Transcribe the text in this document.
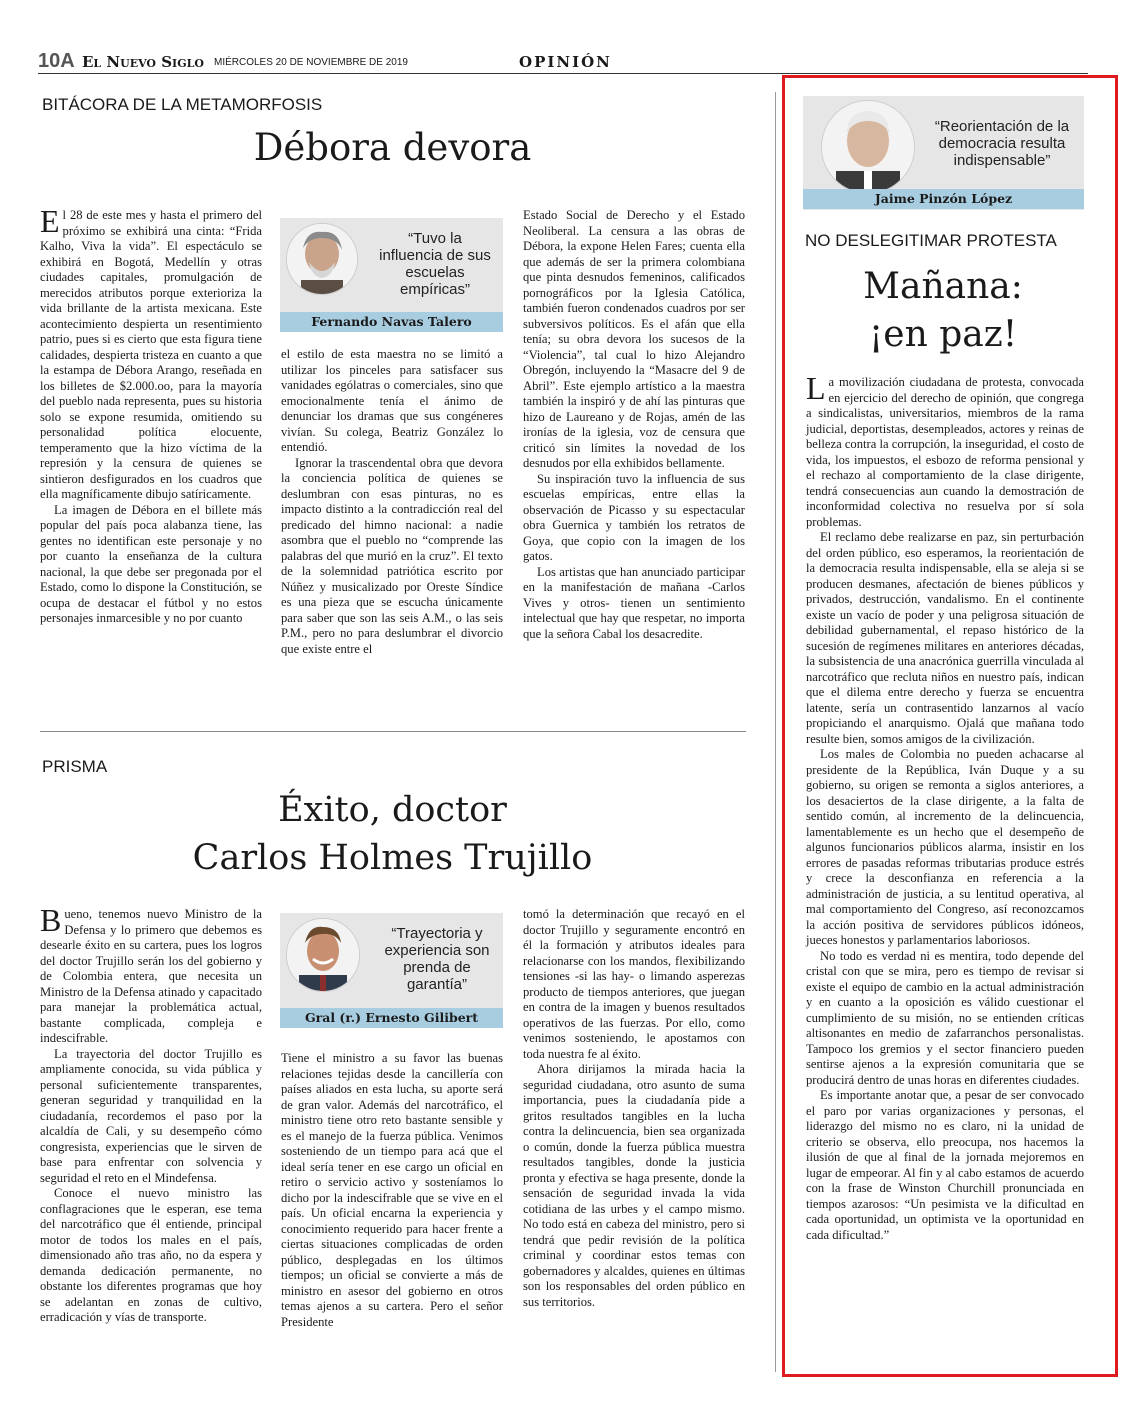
10A El Nuevo Siglo MIÉRCOLES 20 DE NOVIEMBRE DE 2019	OPINIÓN
BITÁCORA DE LA METAMORFOSIS
Débora devora
E l 28 de este mes y hasta el primero del próximo se exhibirá una cinta: “Frida Kalho, Viva la vida”. El espectáculo se exhibirá en Bogotá, Medellín y otras ciudades capitales, promulgación de merecidos atributos porque exterioriza la vida brillante de la artista mexicana. Este acontecimiento despierta un resentimiento patrio, pues si es cierto que esta figura tiene calidades, despierta tristeza en cuanto a que la estampa de Débora Arango, reseñada en los billetes de $2.000.oo, para la mayoría del pueblo nada representa, pues su historia solo se expone resumida, omitiendo su personalidad política elocuente, temperamento que la hizo víctima de la represión y la censura de quienes se sintieron desfigurados en los cuadros que ella magníficamente dibujo satíricamente.

La imagen de Débora en el billete más popular del país poca alabanza tiene, las gentes no identifican este personaje y no por cuanto la enseñanza de la cultura nacional, la que debe ser pregonada por el Estado, como lo dispone la Constitución, se ocupa de destacar el fútbol y no estos personajes inmarcesible y no por cuanto

“Tuvo la influencia de sus escuelas empíricas”
Fernando Navas Talero

el estilo de esta maestra no se limitó a utilizar los pinceles para satisfacer sus vanidades ególatras o comerciales, sino que emocionalmente tenía el ánimo de denunciar los dramas que sus congéneres vivían. Su colega, Beatriz González lo entendió.

Ignorar la trascendental obra que devora la conciencia política de quienes se deslumbran con esas pinturas, no es impacto distinto a la contradicción real del predicado del himno nacional: a nadie asombra que el pueblo no “comprende las palabras del que murió en la cruz”. El texto de la solemnidad patriótica escrito por Núñez y musicalizado por Oreste Síndice es una pieza que se escucha únicamente para saber que son las seis A.M., o las seis P.M., pero no para deslumbrar el divorcio que existe entre el

Estado Social de Derecho y el Estado Neoliberal. La censura a las obras de Débora, la expone Helen Fares; cuenta ella que además de ser la primera colombiana que pinta desnudos femeninos, calificados pornográficos por la Iglesia Católica, también fueron condenados cuadros por ser subversivos políticos. Es el afán que ella tenía; su obra devora los sucesos de la “Violencia”, tal cual lo hizo Alejandro Obregón, incluyendo la “Masacre del 9 de Abril”. Este ejemplo artístico a la maestra también la inspiró y de ahí las pinturas que hizo de Laureano y de Rojas, amén de las ironías de la iglesia, voz de censura que criticó sin límites la novedad de los desnudos por ella exhibidos bellamente.

Su inspiración tuvo la influencia de sus escuelas empíricas, entre ellas la observación de Picasso y su espectacular obra Guernica y también los retratos de Goya, que copio con la imagen de los gatos.

Los artistas que han anunciado participar en la manifestación de mañana -Carlos Vives y otros- tienen un sentimiento intelectual que hay que respetar, no importa que la señora Cabal los desacredite.

PRISMA
Éxito, doctor
Carlos Holmes Trujillo
B ueno, tenemos nuevo Ministro de la Defensa y lo primero que debemos es desearle éxito en su cartera, pues los logros del doctor Trujillo serán los del gobierno y de Colombia entera, que necesita un Ministro de la Defensa atinado y capacitado para manejar la problemática actual, bastante complicada, compleja e indescifrable.

La trayectoria del doctor Trujillo es ampliamente conocida, su vida pública y personal suficientemente transparentes, generan seguridad y tranquilidad en la ciudadanía, recordemos el paso por la alcaldía de Cali, y su desempeño cómo congresista, experiencias que le sirven de base para enfrentar con solvencia y seguridad el reto en el Mindefensa.

Conoce el nuevo ministro las conflagraciones que le esperan, ese tema del narcotráfico que él entiende, principal motor de todos los males en el país, dimensionado año tras año, no da espera y demanda dedicación permanente, no obstante los diferentes programas que hoy se adelantan en zonas de cultivo, erradicación y vías de transporte.

“Trayectoria y experiencia son prenda de garantía”
Gral (r.) Ernesto Gilibert

Tiene el ministro a su favor las buenas relaciones tejidas desde la cancillería con países aliados en esta lucha, su aporte será de gran valor. Además del narcotráfico, el ministro tiene otro reto bastante sensible y es el manejo de la fuerza pública. Venimos sosteniendo de un tiempo para acá que el ideal sería tener en ese cargo un oficial en retiro o servicio activo y sosteníamos lo dicho por la indescifrable que se vive en el país. Un oficial encarna la experiencia y conocimiento requerido para hacer frente a ciertas situaciones complicadas de orden público, desplegadas en los últimos tiempos; un oficial se convierte a más de ministro en asesor del gobierno en otros temas ajenos a su cartera. Pero el señor Presidente

tomó la determinación que recayó en el doctor Trujillo y seguramente encontró en él la formación y atributos ideales para relacionarse con los mandos, flexibilizando tensiones -si las hay- o limando asperezas producto de tiempos anteriores, que juegan en contra de la imagen y buenos resultados operativos de las fuerzas. Por ello, como venimos sosteniendo, le apostamos con toda nuestra fe al éxito.

Ahora dirijamos la mirada hacia la seguridad ciudadana, otro asunto de suma importancia, pues la ciudadanía pide a gritos resultados tangibles en la lucha contra la delincuencia, bien sea organizada o común, donde la fuerza pública muestra resultados tangibles, donde la justicia pronta y efectiva se haga presente, donde la sensación de seguridad invada la vida cotidiana de las urbes y el campo mismo. No todo está en cabeza del ministro, pero si tendrá que pedir revisión de la política criminal y coordinar estos temas con gobernadores y alcaldes, quienes en últimas son los responsables del orden público en sus territorios.

“Reorientación de la democracia resulta indispensable”
Jaime Pinzón López
NO DESLEGITIMAR PROTESTA
Mañana:
¡en paz!
L a movilización ciudadana de protesta, convocada en ejercicio del derecho de opinión, que congrega a sindicalistas, universitarios, miembros de la rama judicial, deportistas, desempleados, actores y reinas de belleza contra la corrupción, la inseguridad, el costo de vida, los impuestos, el esbozo de reforma pensional y el rechazo al comportamiento de la clase dirigente, tendrá consecuencias aun cuando la demostración de inconformidad colectiva no resuelva por sí sola problemas.

El reclamo debe realizarse en paz, sin perturbación del orden público, eso esperamos, la reorientación de la democracia resulta indispensable, ella se aleja si se producen desmanes, afectación de bienes públicos y privados, destrucción, vandalismo. En el continente existe un vacío de poder y una peligrosa situación de debilidad gubernamental, el repaso histórico de la sucesión de regímenes militares en anteriores décadas, la subsistencia de una anacrónica guerrilla vinculada al narcotráfico que recluta niños en nuestro país, indican que el dilema entre derecho y fuerza se encuentra latente, sería un contrasentido lanzarnos al vacío propiciando el anarquismo. Ojalá que mañana todo resulte bien, somos amigos de la civilización.

Los males de Colombia no pueden achacarse al presidente de la República, Iván Duque y a su gobierno, su origen se remonta a siglos anteriores, a los desaciertos de la clase dirigente, a la falta de sentido común, al incremento de la delincuencia, lamentablemente es un hecho que el desempeño de algunos funcionarios públicos alarma, insistir en los errores de pasadas reformas tributarias produce estrés y crece la desconfianza en referencia a la administración de justicia, a su lentitud operativa, al mal comportamiento del Congreso, así reconozcamos la acción positiva de servidores públicos idóneos, jueces honestos y parlamentarios laboriosos.

No todo es verdad ni es mentira, todo depende del cristal con que se mira, pero es tiempo de revisar si existe el equipo de cambio en la actual administración y en cuanto a la oposición es válido cuestionar el cumplimiento de su misión, no se entienden críticas altisonantes en medio de zafarranchos personalistas. Tampoco los gremios y el sector financiero pueden sentirse ajenos a la expresión comunitaria que se producirá dentro de unas horas en diferentes ciudades.

Es importante anotar que, a pesar de ser convocado el paro por varias organizaciones y personas, el liderazgo del mismo no es claro, ni la unidad de criterio se observa, ello preocupa, nos hacemos la ilusión de que al final de la jornada mejoremos en lugar de empeorar. Al fin y al cabo estamos de acuerdo con la frase de Winston Churchill pronunciada en tiempos azarosos: “Un pesimista ve la dificultad en cada oportunidad, un optimista ve la oportunidad en cada dificultad.”
